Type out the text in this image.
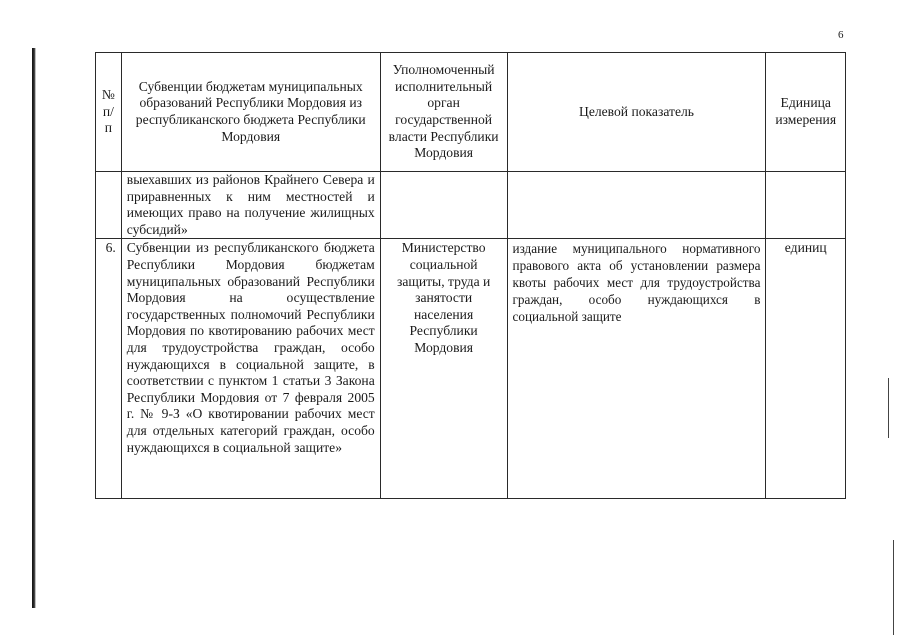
6
№ п/п	Субвенции бюджетам муниципальных образований Республики Мордовия из республиканского бюджета Республики Мордовия	Уполномоченный исполнительный орган государственной власти Республики Мордовия	Целевой показатель	Единица измерения
	выехавших из районов Крайнего Севера и приравненных к ним местностей и имеющих право на получение жилищных субсидий»			
6.	Субвенции из республиканского бюджета Республики Мордовия бюджетам муниципальных образований Республики Мордовия на осуществление государственных полномочий Республики Мордовия по квотированию рабочих мест для трудоустройства граждан, особо нуждающихся в социальной защите, в соответствии с пунктом 1 статьи 3 Закона Республики Мордовия от 7 февраля 2005 г. № 9-З «О квотировании рабочих мест для отдельных категорий граждан, особо нуждающихся в социальной защите»	Министерство социальной защиты, труда и занятости населения Республики Мордовия	издание муниципального нормативного правового акта об установлении размера квоты рабочих мест для трудоустройства граждан, особо нуждающихся в социальной защите	единиц
